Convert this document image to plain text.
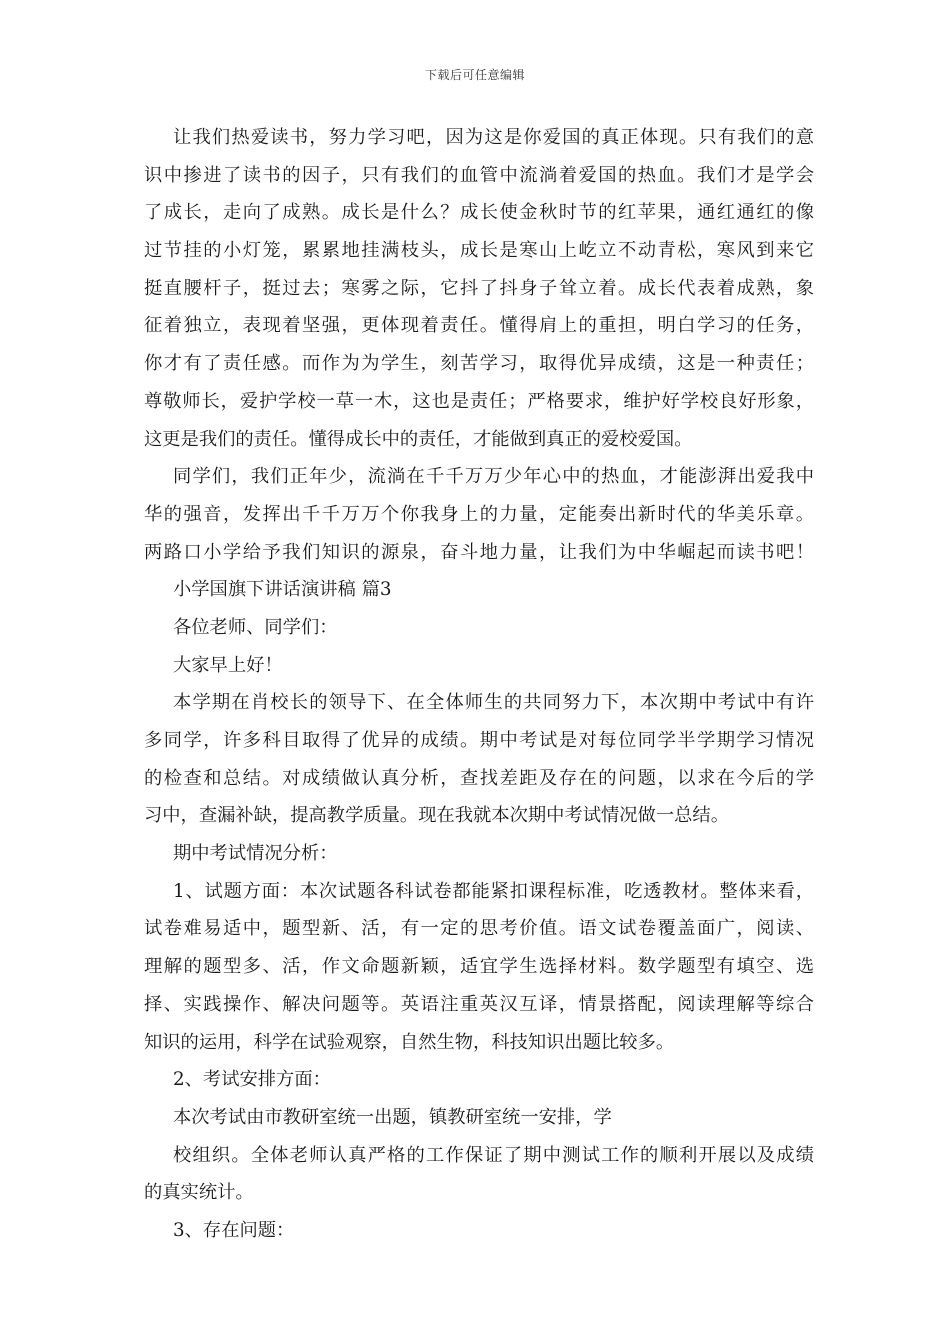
下载后可任意编辑
让我们热爱读书，努力学习吧，因为这是你爱国的真正体现。只有我们的意
识中掺进了读书的因子，只有我们的血管中流淌着爱国的热血。我们才是学会
了成长，走向了成熟。成长是什么？成长使金秋时节的红苹果，通红通红的像
过节挂的小灯笼，累累地挂满枝头，成长是寒山上屹立不动青松，寒风到来它
挺直腰杆子，挺过去；寒雾之际，它抖了抖身子耸立着。成长代表着成熟，象
征着独立，表现着坚强，更体现着责任。懂得肩上的重担，明白学习的任务，
你才有了责任感。而作为为学生，刻苦学习，取得优异成绩，这是一种责任；
尊敬师长，爱护学校一草一木，这也是责任；严格要求，维护好学校良好形象，
这更是我们的责任。懂得成长中的责任，才能做到真正的爱校爱国。
同学们，我们正年少，流淌在千千万万少年心中的热血，才能澎湃出爱我中
华的强音，发挥出千千万万个你我身上的力量，定能奏出新时代的华美乐章。
两路口小学给予我们知识的源泉，奋斗地力量，让我们为中华崛起而读书吧！
小学国旗下讲话演讲稿 篇3
各位老师、同学们：
大家早上好！
本学期在肖校长的领导下、在全体师生的共同努力下，本次期中考试中有许
多同学，许多科目取得了优异的成绩。期中考试是对每位同学半学期学习情况
的检查和总结。对成绩做认真分析，查找差距及存在的问题，以求在今后的学
习中，查漏补缺，提高教学质量。现在我就本次期中考试情况做一总结。
期中考试情况分析：
1、试题方面：本次试题各科试卷都能紧扣课程标准，吃透教材。整体来看，
试卷难易适中，题型新、活，有一定的思考价值。语文试卷覆盖面广，阅读、
理解的题型多、活，作文命题新颖，适宜学生选择材料。数学题型有填空、选
择、实践操作、解决问题等。英语注重英汉互译，情景搭配，阅读理解等综合
知识的运用，科学在试验观察，自然生物，科技知识出题比较多。
2、考试安排方面：
本次考试由市教研室统一出题，镇教研室统一安排，学
校组织。全体老师认真严格的工作保证了期中测试工作的顺利开展以及成绩
的真实统计。
3、存在问题：
